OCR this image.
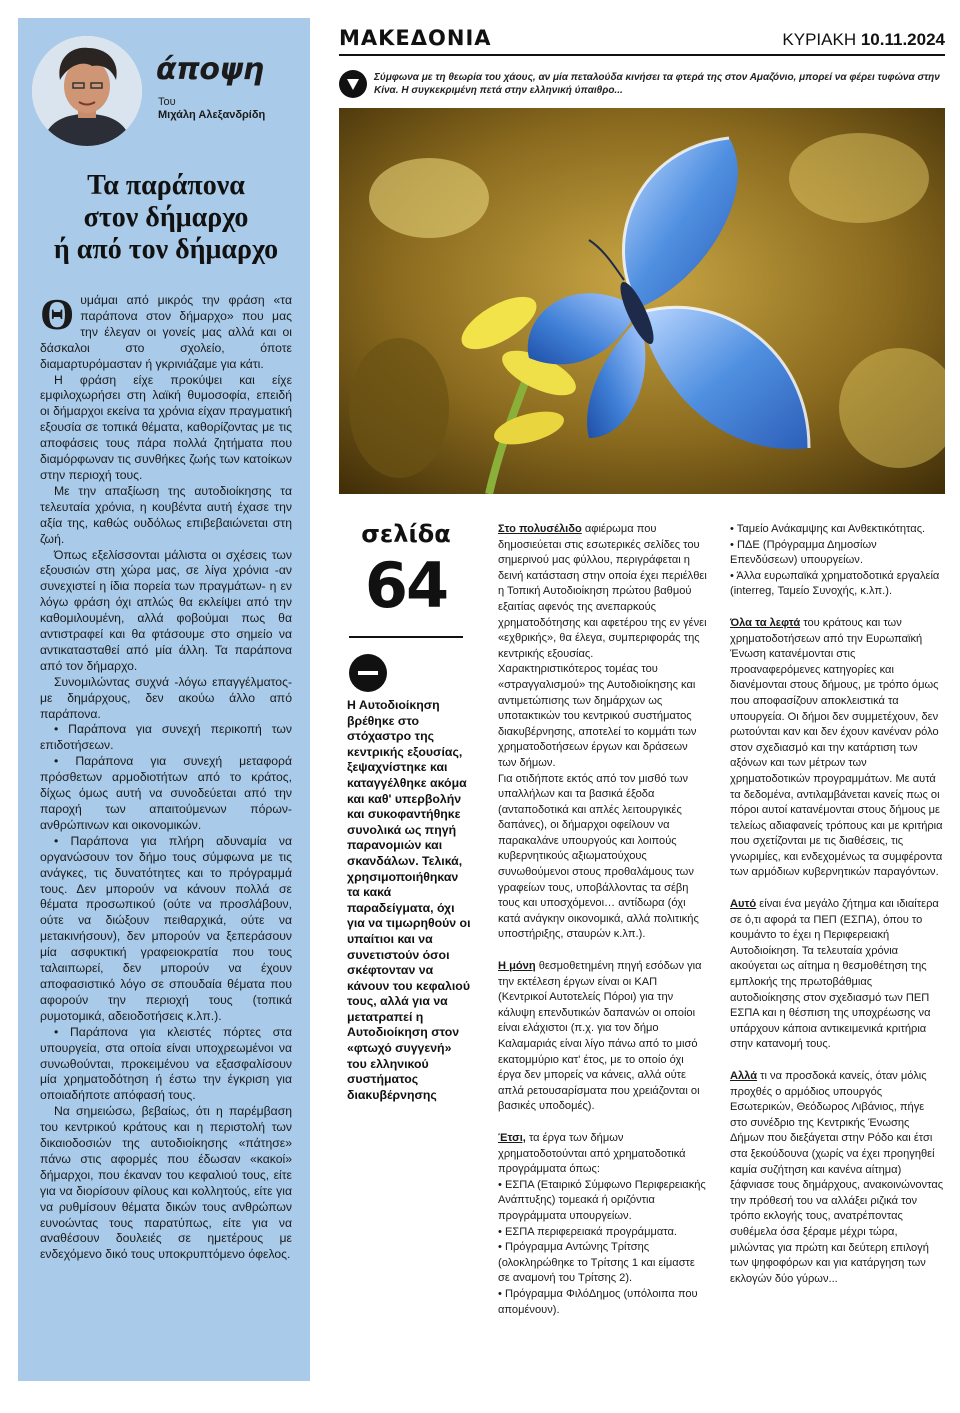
άποψη
Του
Μιχάλη Αλεξανδρίδη
Τα παράπονα
στον δήμαρχο
ή από τον δήμαρχο

Θυμάμαι από μικρός την φράση «τα παράπονα στον δήμαρχο» που μας την έλεγαν οι γονείς μας αλλά και οι δάσκαλοι στο σχολείο, όποτε διαμαρτυρόμασταν ή γκρινιάζαμε για κάτι.

Η φράση είχε προκύψει και είχε εμφιλοχωρήσει στη λαϊκή θυμοσοφία, επειδή οι δήμαρχοι εκείνα τα χρόνια είχαν πραγματική εξουσία σε τοπικά θέματα, καθορίζοντας με τις αποφάσεις τους πάρα πολλά ζητήματα που διαμόρφωναν τις συνθήκες ζωής των κατοίκων στην περιοχή τους.

Με την απαξίωση της αυτοδιοίκησης τα τελευταία χρόνια, η κουβέντα αυτή έχασε την αξία της, καθώς ουδόλως επιβεβαιώνεται στη ζωή.

Όπως εξελίσσονται μάλιστα οι σχέσεις των εξουσιών στη χώρα μας, σε λίγα χρόνια -αν συνεχιστεί η ίδια πορεία των πραγμάτων- η εν λόγω φράση όχι απλώς θα εκλείψει από την καθομιλουμένη, αλλά φοβούμαι πως θα αντιστραφεί και θα φτάσουμε στο σημείο να αντικατασταθεί από μία άλλη. Τα παράπονα από τον δήμαρχο.

Συνομιλώντας συχνά -λόγω επαγγέλματος- με δημάρχους, δεν ακούω άλλο από παράπονα.

• Παράπονα για συνεχή περικοπή των επιδοτήσεων.

• Παράπονα για συνεχή μεταφορά πρόσθετων αρμοδιοτήτων από το κράτος, δίχως όμως αυτή να συνοδεύεται από την παροχή των απαιτούμενων πόρων-ανθρώπινων και οικονομικών.

• Παράπονα για πλήρη αδυναμία να οργανώσουν τον δήμο τους σύμφωνα με τις ανάγκες, τις δυνατότητες και το πρόγραμμά τους. Δεν μπορούν να κάνουν πολλά σε θέματα προσωπικού (ούτε να προσλάβουν, ούτε να διώξουν πειθαρχικά, ούτε να μετακινήσουν), δεν μπορούν να ξεπεράσουν μία ασφυκτική γραφειοκρατία που τους ταλαιπωρεί, δεν μπορούν να έχουν αποφασιστικό λόγο σε σπουδαία θέματα που αφορούν την περιοχή τους (τοπικά ρυμοτομικά, αδειοδοτήσεις κ.λπ.).

• Παράπονα για κλειστές πόρτες στα υπουργεία, στα οποία είναι υποχρεωμένοι να συνωθούνται, προκειμένου να εξασφαλίσουν μία χρηματοδότηση ή έστω την έγκριση για οποιαδήποτε απόφασή τους.

Να σημειώσω, βεβαίως, ότι η παρέμβαση του κεντρικού κράτους και η περιστολή των δικαιοδοσιών της αυτοδιοίκησης «πάτησε» πάνω στις αφορμές που έδωσαν «κακοί» δήμαρχοι, που έκαναν του κεφαλιού τους, είτε για να διορίσουν φίλους και κολλητούς, είτε για να ρυθμίσουν θέματα δικών τους ανθρώπων ευνοώντας τους παρατύπως, είτε για να αναθέσουν δουλειές σε ημετέρους με ενδεχόμενο δικό τους υποκρυπτόμενο όφελος.

ΜΑΚΕΔΟΝΙΑ	ΚΥΡΙΑΚΗ 10.11.2024
Σύμφωνα με τη θεωρία του χάους, αν μία πεταλούδα κινήσει τα φτερά της στον Αμαζόνιο, μπορεί να φέρει τυφώνα στην Κίνα. Η συγκεκριμένη πετά στην ελληνική ύπαιθρο...
σελίδα
64
Η Αυτοδιοίκηση βρέθηκε στο στόχαστρο της κεντρικής εξουσίας, ξεψαχνίστηκε και καταγγέλθηκε ακόμα και καθ' υπερβολήν και συκοφαντήθηκε συνολικά ως πηγή παρανομιών και σκανδάλων. Τελικά, χρησιμοποιήθηκαν τα κακά παραδείγματα, όχι για να τιμωρηθούν οι υπαίτιοι και να συνετιστούν όσοι σκέφτονταν να κάνουν του κεφαλιού τους, αλλά για να μετατραπεί η Αυτοδιοίκηση στον «φτωχό συγγενή» του ελληνικού συστήματος διακυβέρνησης

Στο πολυσέλιδο αφιέρωμα που δημοσιεύεται στις εσωτερικές σελίδες του σημερινού μας φύλλου, περιγράφεται η δεινή κατάσταση στην οποία έχει περιέλθει η Τοπική Αυτοδιοίκηση πρώτου βαθμού εξαιτίας αφενός της ανεπαρκούς χρηματοδότησης και αφετέρου της εν γένει «εχθρικής», θα έλεγα, συμπεριφοράς της κεντρικής εξουσίας.

Χαρακτηριστικότερος τομέας του «στραγγαλισμού» της Αυτοδιοίκησης και αντιμετώπισης των δημάρχων ως υποτακτικών του κεντρικού συστήματος διακυβέρνησης, αποτελεί το κομμάτι των χρηματοδοτήσεων έργων και δράσεων των δήμων.

Για οτιδήποτε εκτός από τον μισθό των υπαλλήλων και τα βασικά έξοδα (ανταποδοτικά και απλές λειτουργικές δαπάνες), οι δήμαρχοι οφείλουν να παρακαλάνε υπουργούς και λοιπούς κυβερνητικούς αξιωματούχους συνωθούμενοι στους προθαλάμους των γραφείων τους, υποβάλλοντας τα σέβη τους και υποσχόμενοι… αντίδωρα (όχι κατά ανάγκην οικονομικά, αλλά πολιτικής υποστήριξης, σταυρών κ.λπ.).

Η μόνη θεσμοθετημένη πηγή εσόδων για την εκτέλεση έργων είναι οι ΚΑΠ (Κεντρικοί Αυτοτελείς Πόροι) για την κάλυψη επενδυτικών δαπανών οι οποίοι είναι ελάχιστοι (π.χ. για τον δήμο Καλαμαριάς είναι λίγο πάνω από το μισό εκατομμύριο κατ' έτος, με το οποίο όχι έργα δεν μπορείς να κάνεις, αλλά ούτε απλά ρετουσαρίσματα που χρειάζονται οι βασικές υποδομές).

Έτσι, τα έργα των δήμων χρηματοδοτούνται από χρηματοδοτικά προγράμματα όπως:

• ΕΣΠΑ (Εταιρικό Σύμφωνο Περιφερειακής Ανάπτυξης) τομεακά ή οριζόντια προγράμματα υπουργείων.
• ΕΣΠΑ περιφερειακά προγράμματα.
• Πρόγραμμα Αντώνης Τρίτσης (ολοκληρώθηκε το Τρίτσης 1 και είμαστε σε αναμονή του Τρίτσης 2).
• Πρόγραμμα ΦιλόΔημος (υπόλοιπα που απομένουν).
• Ταμείο Ανάκαμψης και Ανθεκτικότητας.
• ΠΔΕ (Πρόγραμμα Δημοσίων Επενδύσεων) υπουργείων.
• Άλλα ευρωπαϊκά χρηματοδοτικά εργαλεία (interreg, Ταμείο Συνοχής, κ.λπ.).

Όλα τα λεφτά του κράτους και των χρηματοδοτήσεων από την Ευρωπαϊκή Ένωση κατανέμονται στις προαναφερόμενες κατηγορίες και διανέμονται στους δήμους, με τρόπο όμως που αποφασίζουν αποκλειστικά τα υπουργεία. Οι δήμοι δεν συμμετέχουν, δεν ρωτούνται καν και δεν έχουν κανέναν ρόλο στον σχεδιασμό και την κατάρτιση των αξόνων και των μέτρων των χρηματοδοτικών προγραμμάτων. Με αυτά τα δεδομένα, αντιλαμβάνεται κανείς πως οι πόροι αυτοί κατανέμονται στους δήμους με τελείως αδιαφανείς τρόπους και με κριτήρια που σχετίζονται με τις διαθέσεις, τις γνωριμίες, και ενδεχομένως τα συμφέροντα των αρμόδιων κυβερνητικών παραγόντων.

Αυτό είναι ένα μεγάλο ζήτημα και ιδιαίτερα σε ό,τι αφορά τα ΠΕΠ (ΕΣΠΑ), όπου το κουμάντο το έχει η Περιφερειακή Αυτοδιοίκηση. Τα τελευταία χρόνια ακούγεται ως αίτημα η θεσμοθέτηση της εμπλοκής της πρωτοβάθμιας αυτοδιοίκησης στον σχεδιασμό των ΠΕΠ ΕΣΠΑ και η θέσπιση της υποχρέωσης να υπάρχουν κάποια αντικειμενικά κριτήρια στην κατανομή τους.

Αλλά τι να προσδοκά κανείς, όταν μόλις προχθές ο αρμόδιος υπουργός Εσωτερικών, Θεόδωρος Λιβάνιος, πήγε στο συνέδριο της Κεντρικής Ένωσης Δήμων που διεξάγεται στην Ρόδο και έτσι στα ξεκούδουνα (χωρίς να έχει προηγηθεί καμία συζήτηση και κανένα αίτημα) ξάφνιασε τους δημάρχους, ανακοινώνοντας την πρόθεσή του να αλλάξει ριζικά τον τρόπο εκλογής τους, ανατρέποντας συθέμελα όσα ξέραμε μέχρι τώρα, μιλώντας για πρώτη και δεύτερη επιλογή των ψηφοφόρων και για κατάργηση των εκλογών δύο γύρων...
